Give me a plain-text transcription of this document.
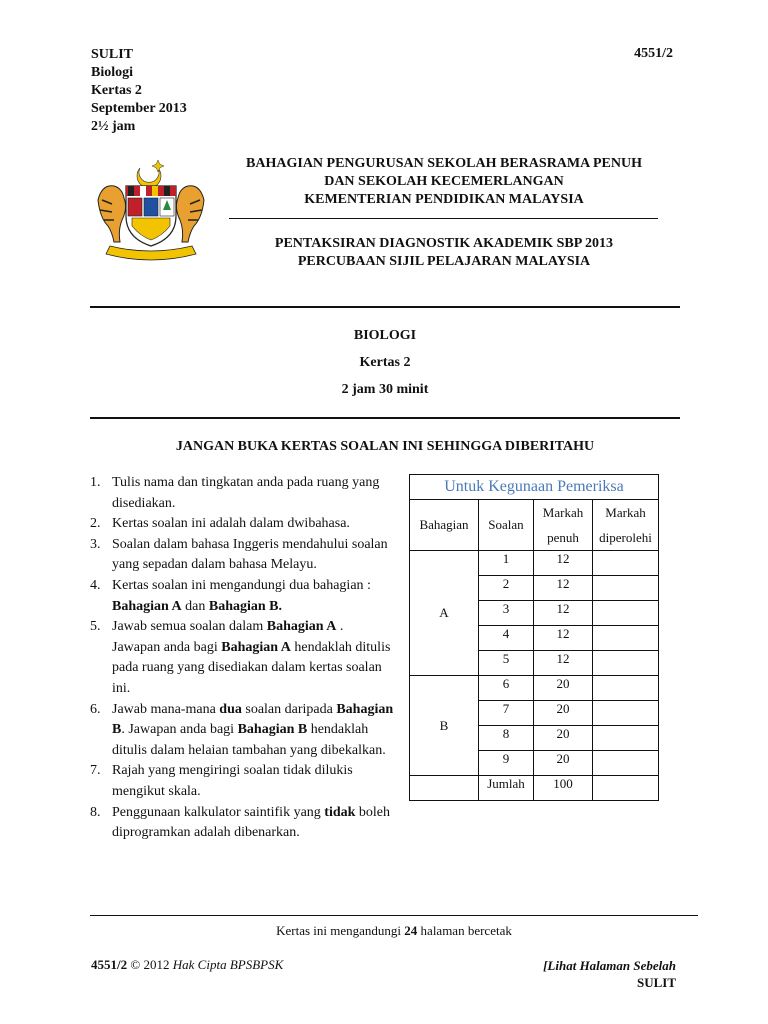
SULIT
Biologi
Kertas 2
September 2013
2½ jam
4551/2
BAHAGIAN PENGURUSAN SEKOLAH BERASRAMA PENUH
DAN SEKOLAH KECEMERLANGAN
KEMENTERIAN PENDIDIKAN MALAYSIA
PENTAKSIRAN DIAGNOSTIK AKADEMIK SBP 2013
PERCUBAAN SIJIL PELAJARAN MALAYSIA
BIOLOGI
Kertas 2
2 jam 30 minit
JANGAN BUKA KERTAS SOALAN INI SEHINGGA DIBERITAHU
1. Tulis nama dan tingkatan anda pada ruang yang disediakan.
2. Kertas soalan ini adalah dalam dwibahasa.
3. Soalan dalam bahasa Inggeris mendahului soalan yang sepadan dalam bahasa Melayu.
4. Kertas soalan ini mengandungi dua bahagian : Bahagian A dan Bahagian B.
5. Jawab semua soalan dalam Bahagian A . Jawapan anda bagi Bahagian A hendaklah ditulis pada ruang yang disediakan dalam kertas soalan ini.
6. Jawab mana-mana dua soalan daripada Bahagian B. Jawapan anda bagi Bahagian B hendaklah ditulis dalam helaian tambahan yang dibekalkan.
7. Rajah yang mengiringi soalan tidak dilukis mengikut skala.
8. Penggunaan kalkulator saintifik yang tidak boleh diprogramkan adalah dibenarkan.
Untuk Kegunaan Pemeriksa			
Bahagian	Soalan	Markah penuh	Markah diperolehi
A	1	12	
	2	12	
	3	12	
	4	12	
	5	12	
B	6	20	
	7	20	
	8	20	
	9	20	
	Jumlah	100	
Kertas ini mengandungi 24 halaman bercetak
4551/2 © 2012 Hak Cipta BPSBPSK	[Lihat Halaman Sebelah
SULIT
